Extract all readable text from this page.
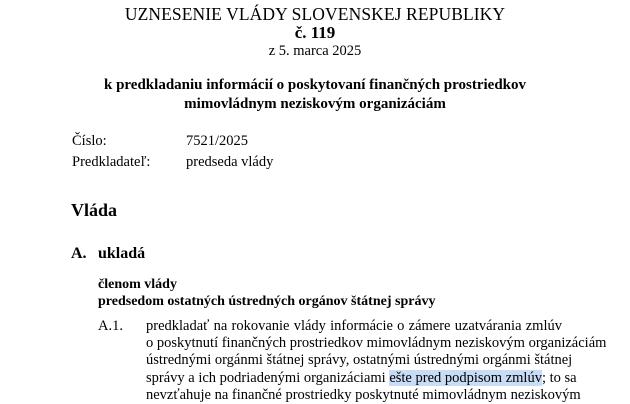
UZNESENIE VLÁDY SLOVENSKEJ REPUBLIKY
č. 119
z 5. marca 2025
k predkladaniu informácií o poskytovaní finančných prostriedkov
mimovládnym neziskovým organizáciám
Číslo:	7521/2025
Predkladateľ: predseda vlády
Vláda
A. ukladá
členom vlády
predsedom ostatných ústredných orgánov štátnej správy
A.1. predkladať na rokovanie vlády informácie o zámere uzatvárania zmlúv
o poskytnutí finančných prostriedkov mimovládnym neziskovým organizáciám
ústrednými orgánmi štátnej správy, ostatnými ústrednými orgánmi štátnej
správy a ich podriadenými organizáciami ešte pred podpisom zmlúv; to sa
nevzťahuje na finančné prostriedky poskytnuté mimovládnym neziskovým
